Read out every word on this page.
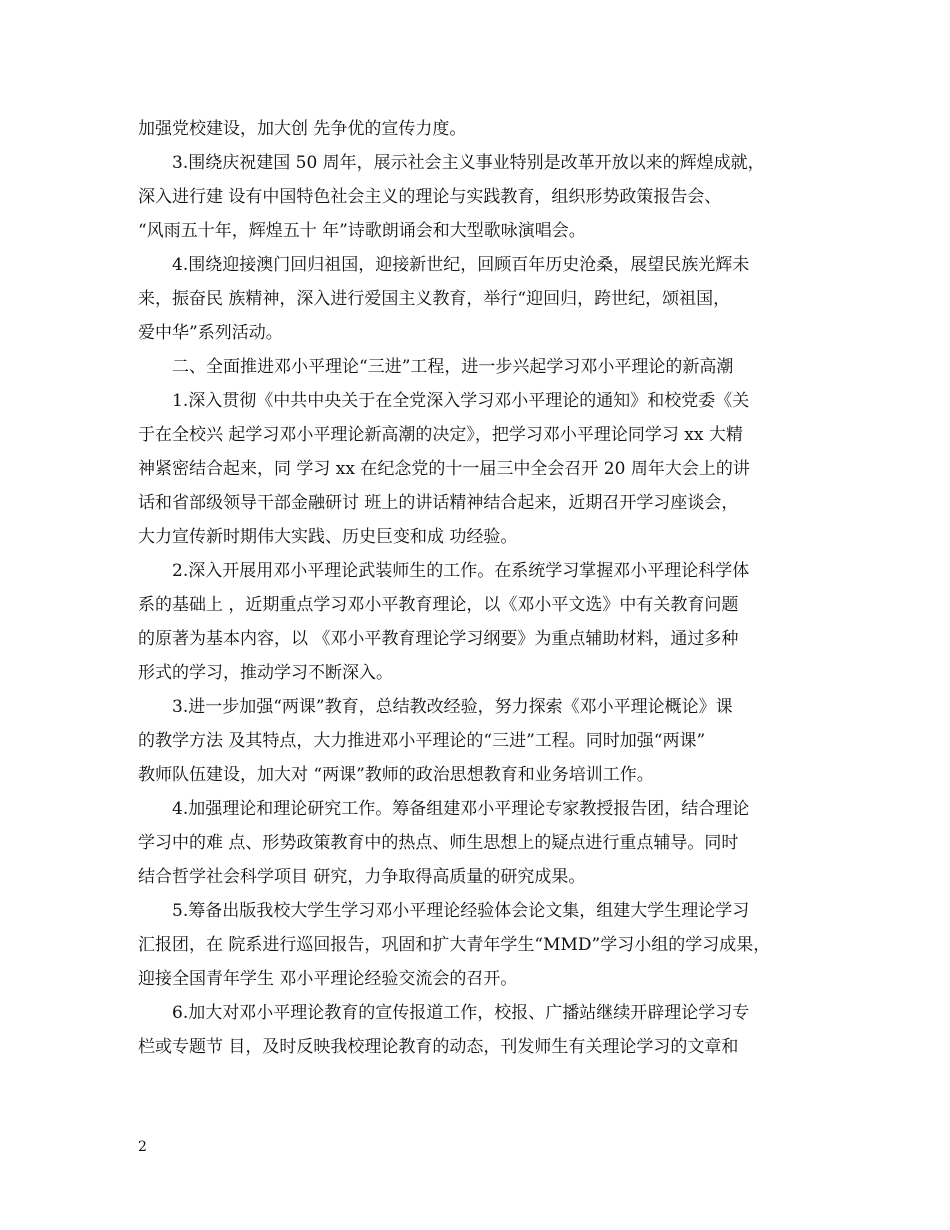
加强党校建设，加大创 先争优的宣传力度。
3.围绕庆祝建国 50 周年，展示社会主义事业特别是改革开放以来的辉煌成就，
深入进行建 设有中国特色社会主义的理论与实践教育，组织形势政策报告会、
“风雨五十年，辉煌五十 年”诗歌朗诵会和大型歌咏演唱会。
4.围绕迎接澳门回归祖国，迎接新世纪，回顾百年历史沧桑，展望民族光辉未
来，振奋民 族精神，深入进行爱国主义教育，举行“迎回归，跨世纪，颂祖国，
爱中华”系列活动。
二、全面推进邓小平理论“三进”工程，进一步兴起学习邓小平理论的新高潮
1.深入贯彻《中共中央关于在全党深入学习邓小平理论的通知》和校党委《关
于在全校兴 起学习邓小平理论新高潮的决定》，把学习邓小平理论同学习 xx 大精
神紧密结合起来，同 学习 xx 在纪念党的十一届三中全会召开 20 周年大会上的讲
话和省部级领导干部金融研讨 班上的讲话精神结合起来，近期召开学习座谈会，
大力宣传新时期伟大实践、历史巨变和成 功经验。
2.深入开展用邓小平理论武装师生的工作。在系统学习掌握邓小平理论科学体
系的基础上 ，近期重点学习邓小平教育理论，以《邓小平文选》中有关教育问题
的原著为基本内容，以 《邓小平教育理论学习纲要》为重点辅助材料，通过多种
形式的学习，推动学习不断深入。
3.进一步加强“两课”教育，总结教改经验，努力探索《邓小平理论概论》课
的教学方法 及其特点，大力推进邓小平理论的“三进”工程。同时加强“两课”
教师队伍建设，加大对 “两课”教师的政治思想教育和业务培训工作。
4.加强理论和理论研究工作。筹备组建邓小平理论专家教授报告团，结合理论
学习中的难 点、形势政策教育中的热点、师生思想上的疑点进行重点辅导。同时
结合哲学社会科学项目 研究，力争取得高质量的研究成果。
5.筹备出版我校大学生学习邓小平理论经验体会论文集，组建大学生理论学习
汇报团，在 院系进行巡回报告，巩固和扩大青年学生“MMD”学习小组的学习成果，
迎接全国青年学生 邓小平理论经验交流会的召开。
6.加大对邓小平理论教育的宣传报道工作，校报、广播站继续开辟理论学习专
栏或专题节 目，及时反映我校理论教育的动态，刊发师生有关理论学习的文章和
2
